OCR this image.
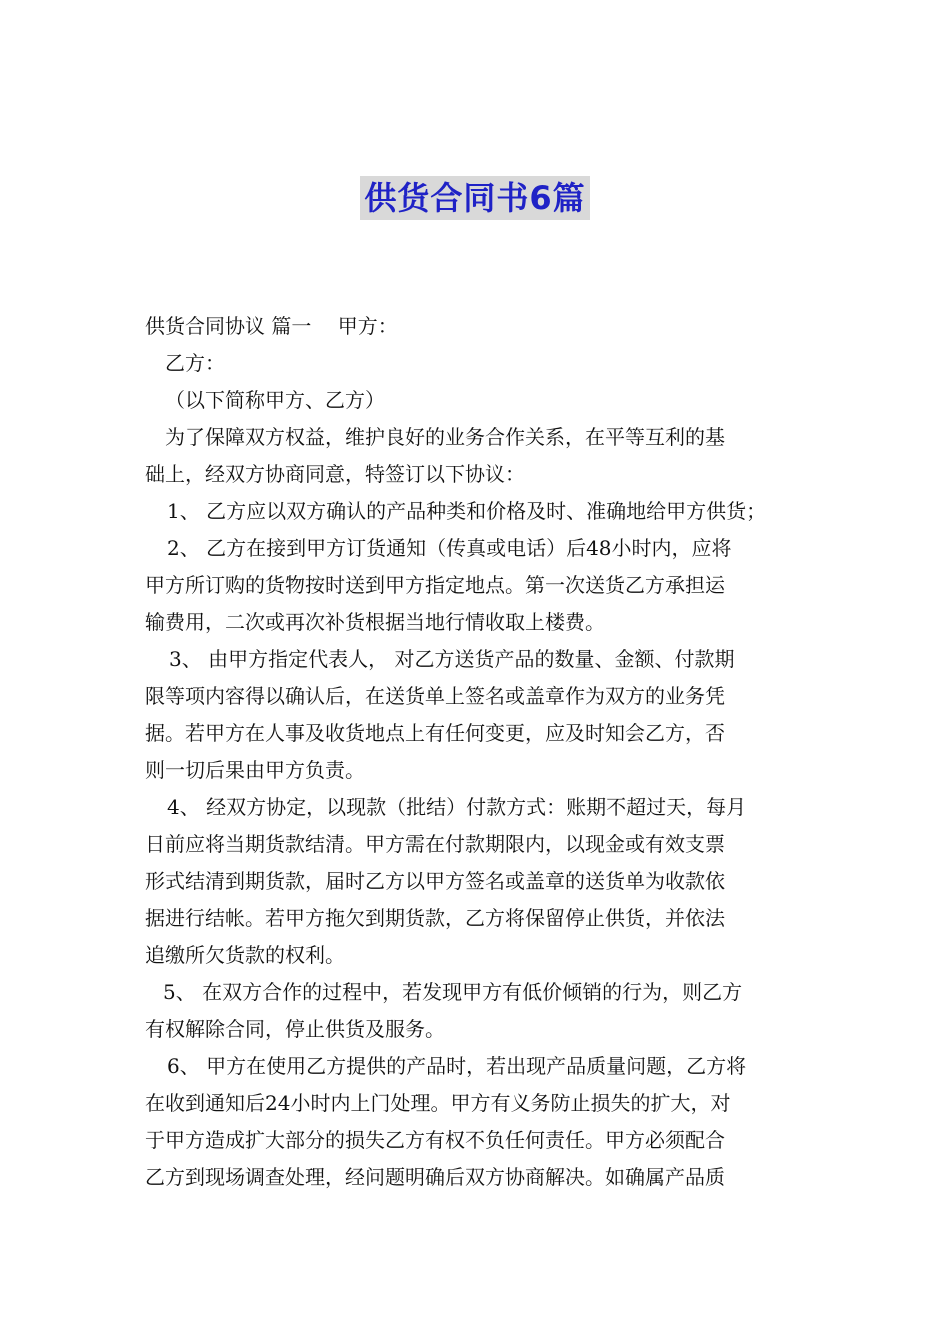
供货合同书6篇
供货合同协议 篇一　 甲方：
乙方：
（以下简称甲方、乙方）
为了保障双方权益，维护良好的业务合作关系，在平等互利的基
础上，经双方协商同意，特签订以下协议：
1、 乙方应以双方确认的产品种类和价格及时、准确地给甲方供货；
2、 乙方在接到甲方订货通知（传真或电话）后48小时内，应将
甲方所订购的货物按时送到甲方指定地点。第一次送货乙方承担运
输费用，二次或再次补货根据当地行情收取上楼费。
3、 由甲方指定代表人， 对乙方送货产品的数量、金额、付款期
限等项内容得以确认后，在送货单上签名或盖章作为双方的业务凭
据。若甲方在人事及收货地点上有任何变更，应及时知会乙方，否
则一切后果由甲方负责。
4、 经双方协定，以现款（批结）付款方式：账期不超过天，每月
日前应将当期货款结清。甲方需在付款期限内，以现金或有效支票
形式结清到期货款，届时乙方以甲方签名或盖章的送货单为收款依
据进行结帐。若甲方拖欠到期货款，乙方将保留停止供货，并依法
追缴所欠货款的权利。
5、 在双方合作的过程中，若发现甲方有低价倾销的行为，则乙方
有权解除合同，停止供货及服务。
6、 甲方在使用乙方提供的产品时，若出现产品质量问题，乙方将
在收到通知后24小时内上门处理。甲方有义务防止损失的扩大，对
于甲方造成扩大部分的损失乙方有权不负任何责任。甲方必须配合
乙方到现场调查处理，经问题明确后双方协商解决。如确属产品质
